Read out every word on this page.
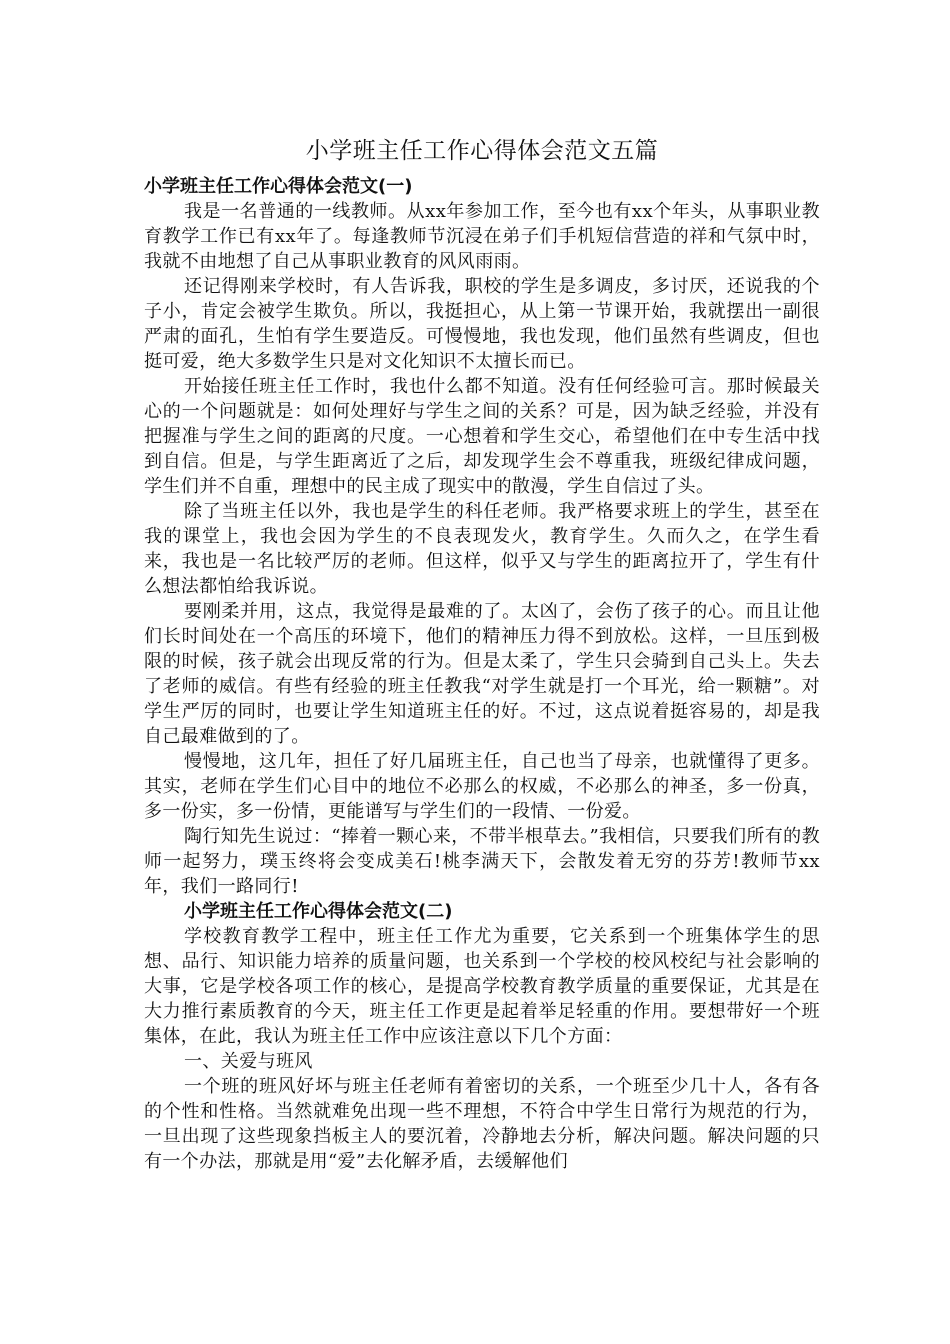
小学班主任工作心得体会范文五篇
小学班主任工作心得体会范文(一)

我是一名普通的一线教师。从xx年参加工作，至今也有xx个年头，从事职业教育教学工作已有xx年了。每逢教师节沉浸在弟子们手机短信营造的祥和气氛中时，我就不由地想了自己从事职业教育的风风雨雨。

还记得刚来学校时，有人告诉我，职校的学生是多调皮，多讨厌，还说我的个子小，肯定会被学生欺负。所以，我挺担心，从上第一节课开始，我就摆出一副很严肃的面孔，生怕有学生要造反。可慢慢地，我也发现，他们虽然有些调皮，但也挺可爱，绝大多数学生只是对文化知识不太擅长而已。

开始接任班主任工作时，我也什么都不知道。没有任何经验可言。那时候最关心的一个问题就是：如何处理好与学生之间的关系？可是，因为缺乏经验，并没有把握准与学生之间的距离的尺度。一心想着和学生交心，希望他们在中专生活中找到自信。但是，与学生距离近了之后，却发现学生会不尊重我，班级纪律成问题，学生们并不自重，理想中的民主成了现实中的散漫，学生自信过了头。

除了当班主任以外，我也是学生的科任老师。我严格要求班上的学生，甚至在我的课堂上，我也会因为学生的不良表现发火，教育学生。久而久之，在学生看来，我也是一名比较严厉的老师。但这样，似乎又与学生的距离拉开了，学生有什么想法都怕给我诉说。

要刚柔并用，这点，我觉得是最难的了。太凶了，会伤了孩子的心。而且让他们长时间处在一个高压的环境下，他们的精神压力得不到放松。这样，一旦压到极限的时候，孩子就会出现反常的行为。但是太柔了，学生只会骑到自己头上。失去了老师的威信。有些有经验的班主任教我“对学生就是打一个耳光，给一颗糖”。对学生严厉的同时，也要让学生知道班主任的好。不过，这点说着挺容易的，却是我自己最难做到的了。

慢慢地，这几年，担任了好几届班主任，自己也当了母亲，也就懂得了更多。其实，老师在学生们心目中的地位不必那么的权威，不必那么的神圣，多一份真，多一份实，多一份情，更能谱写与学生们的一段情、一份爱。

陶行知先生说过：“捧着一颗心来，不带半根草去。”我相信，只要我们所有的教师一起努力，璞玉终将会变成美石!桃李满天下，会散发着无穷的芬芳!教师节xx年，我们一路同行!

小学班主任工作心得体会范文(二)

学校教育教学工程中，班主任工作尤为重要，它关系到一个班集体学生的思想、品行、知识能力培养的质量问题，也关系到一个学校的校风校纪与社会影响的大事，它是学校各项工作的核心，是提高学校教育教学质量的重要保证，尤其是在大力推行素质教育的今天，班主任工作更是起着举足轻重的作用。要想带好一个班集体，在此，我认为班主任工作中应该注意以下几个方面：

一、关爱与班风

一个班的班风好坏与班主任老师有着密切的关系，一个班至少几十人，各有各的个性和性格。当然就难免出现一些不理想，不符合中学生日常行为规范的行为，一旦出现了这些现象挡板主人的要沉着，冷静地去分析，解决问题。解决问题的只有一个办法，那就是用“爱”去化解矛盾，去缓解他们
